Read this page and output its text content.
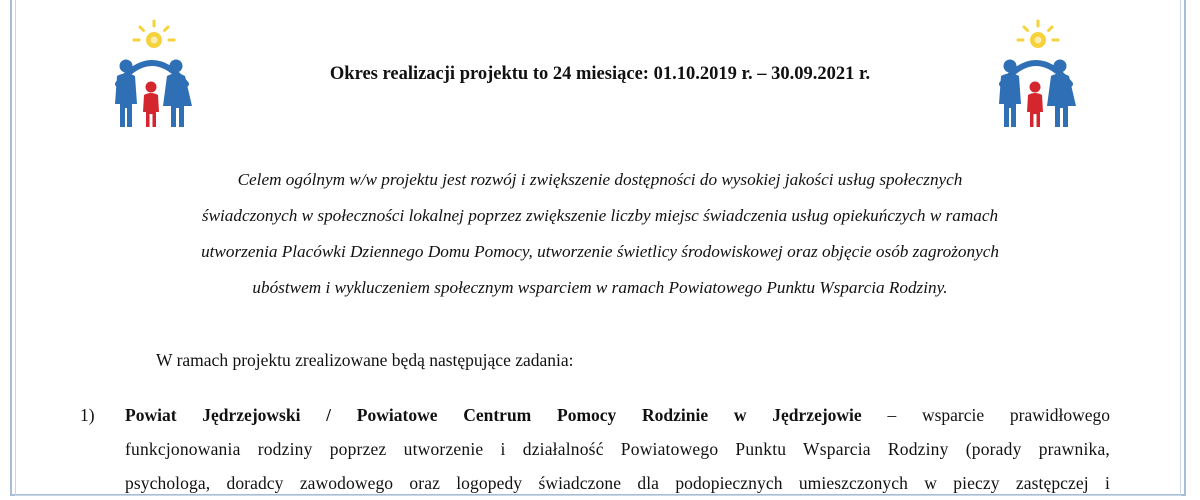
Okres realizacji projektu to 24 miesiące: 01.10.2019 r. – 30.09.2021 r.
Celem ogólnym w/w projektu jest rozwój i zwiększenie dostępności do wysokiej jakości usług społecznych
świadczonych w społeczności lokalnej poprzez zwiększenie liczby miejsc świadczenia usług opiekuńczych w ramach
utworzenia Placówki Dziennego Domu Pomocy, utworzenie świetlicy środowiskowej oraz objęcie osób zagrożonych
ubóstwem i wykluczeniem społecznym wsparciem w ramach Powiatowego Punktu Wsparcia Rodziny.
W ramach projektu zrealizowane będą następujące zadania:
1) Powiat Jędrzejowski / Powiatowe Centrum Pomocy Rodzinie w Jędrzejowie – wsparcie prawidłowego
funkcjonowania rodziny poprzez utworzenie i działalność Powiatowego Punktu Wsparcia Rodziny (porady prawnika,
psychologa, doradcy zawodowego oraz logopedy świadczone dla podopiecznych umieszczonych w pieczy zastępczej i
